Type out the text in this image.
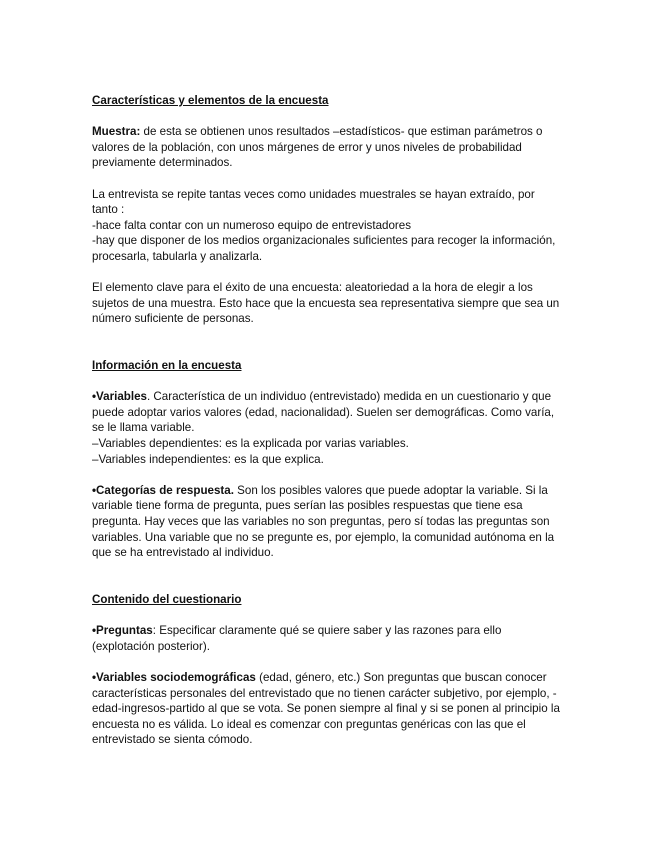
Características y elementos de la encuesta

Muestra: de esta se obtienen unos resultados –estadísticos- que estiman parámetros o valores de la población, con unos márgenes de error y unos niveles de probabilidad previamente determinados.

La entrevista se repite tantas veces como unidades muestrales se hayan extraído, por tanto :

-hace falta contar con un numeroso equipo de entrevistadores

-hay que disponer de los medios organizacionales suficientes para recoger la información, procesarla, tabularla y analizarla.

El elemento clave para el éxito de una encuesta: aleatoriedad a la hora de elegir a los sujetos de una muestra. Esto hace que la encuesta sea representativa siempre que sea un número suficiente de personas.

Información en la encuesta

•Variables. Característica de un individuo (entrevistado) medida en un cuestionario y que puede adoptar varios valores (edad, nacionalidad). Suelen ser demográficas. Como varía, se le llama variable.

–Variables dependientes: es la explicada por varias variables.

–Variables independientes: es la que explica.

•Categorías de respuesta. Son los posibles valores que puede adoptar la variable. Si la variable tiene forma de pregunta, pues serían las posibles respuestas que tiene esa pregunta. Hay veces que las variables no son preguntas, pero sí todas las preguntas son variables. Una variable que no se pregunte es, por ejemplo, la comunidad autónoma en la que se ha entrevistado al individuo.

Contenido del cuestionario

•Preguntas: Especificar claramente qué se quiere saber y las razones para ello (explotación posterior).

•Variables sociodemográficas (edad, género, etc.) Son preguntas que buscan conocer características personales del entrevistado que no tienen carácter subjetivo, por ejemplo, -edad-ingresos-partido al que se vota. Se ponen siempre al final y si se ponen al principio la encuesta no es válida. Lo ideal es comenzar con preguntas genéricas con las que el entrevistado se sienta cómodo.
